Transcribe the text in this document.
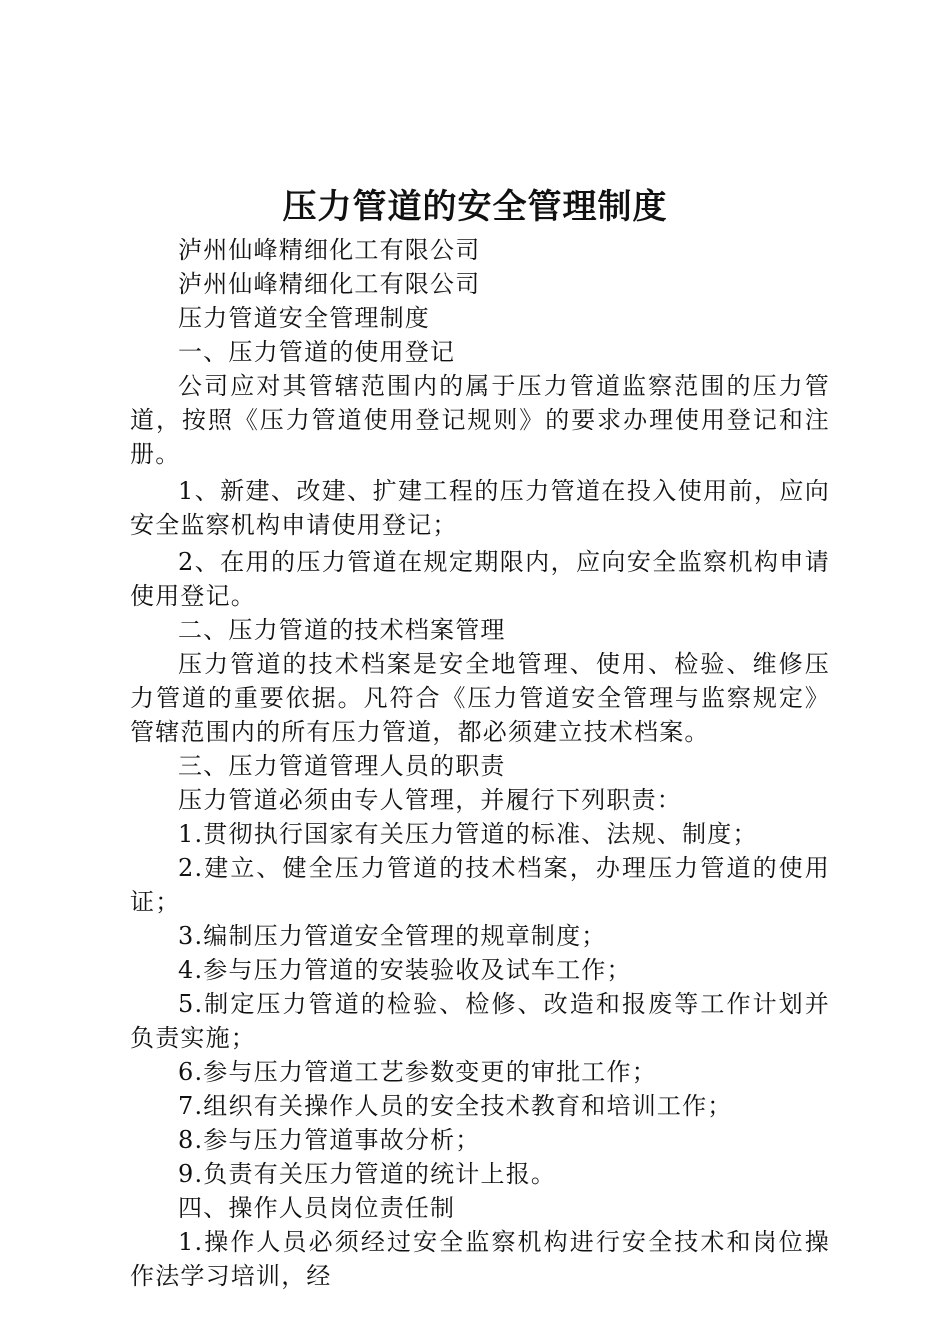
压力管道的安全管理制度

泸州仙峰精细化工有限公司

泸州仙峰精细化工有限公司

压力管道安全管理制度

一、压力管道的使用登记

公司应对其管辖范围内的属于压力管道监察范围的压力管道，按照《压力管道使用登记规则》的要求办理使用登记和注册。

1、新建、改建、扩建工程的压力管道在投入使用前，应向安全监察机构申请使用登记；

2、在用的压力管道在规定期限内，应向安全监察机构申请使用登记。

二、压力管道的技术档案管理

压力管道的技术档案是安全地管理、使用、检验、维修压力管道的重要依据。凡符合《压力管道安全管理与监察规定》管辖范围内的所有压力管道，都必须建立技术档案。

三、压力管道管理人员的职责

压力管道必须由专人管理，并履行下列职责：

1.贯彻执行国家有关压力管道的标准、法规、制度；

2.建立、健全压力管道的技术档案，办理压力管道的使用证；

3.编制压力管道安全管理的规章制度；

4.参与压力管道的安装验收及试车工作；

5.制定压力管道的检验、检修、改造和报废等工作计划并负责实施；

6.参与压力管道工艺参数变更的审批工作；

7.组织有关操作人员的安全技术教育和培训工作；

8.参与压力管道事故分析；

9.负责有关压力管道的统计上报。

四、操作人员岗位责任制

1.操作人员必须经过安全监察机构进行安全技术和岗位操作法学习培训，经
